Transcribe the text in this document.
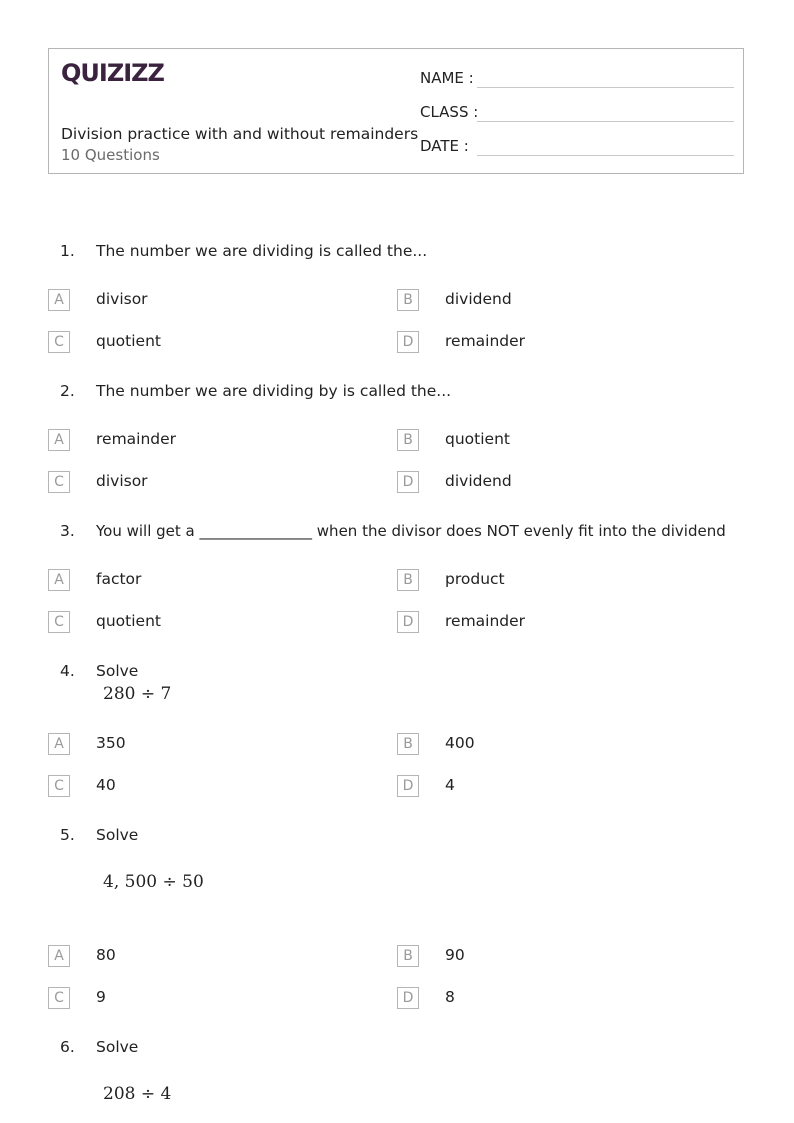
QUIZIZZ
Division practice with and without remainders
10 Questions
NAME :
CLASS :
DATE :
1. The number we are dividing is called the...
A	divisor	B	dividend
C	quotient	D	remainder
2. The number we are dividing by is called the...
A	remainder	B	quotient
C	divisor	D	dividend
3. You will get a _______________ when the divisor does NOT evenly fit into the dividend
A	factor	B	product
C	quotient	D	remainder
4. Solve
280 ÷ 7
A	350	B	400
C	40	D	4
5. Solve
4, 500 ÷ 50
A	80	B	90
C	9	D	8
6. Solve
208 ÷ 4
